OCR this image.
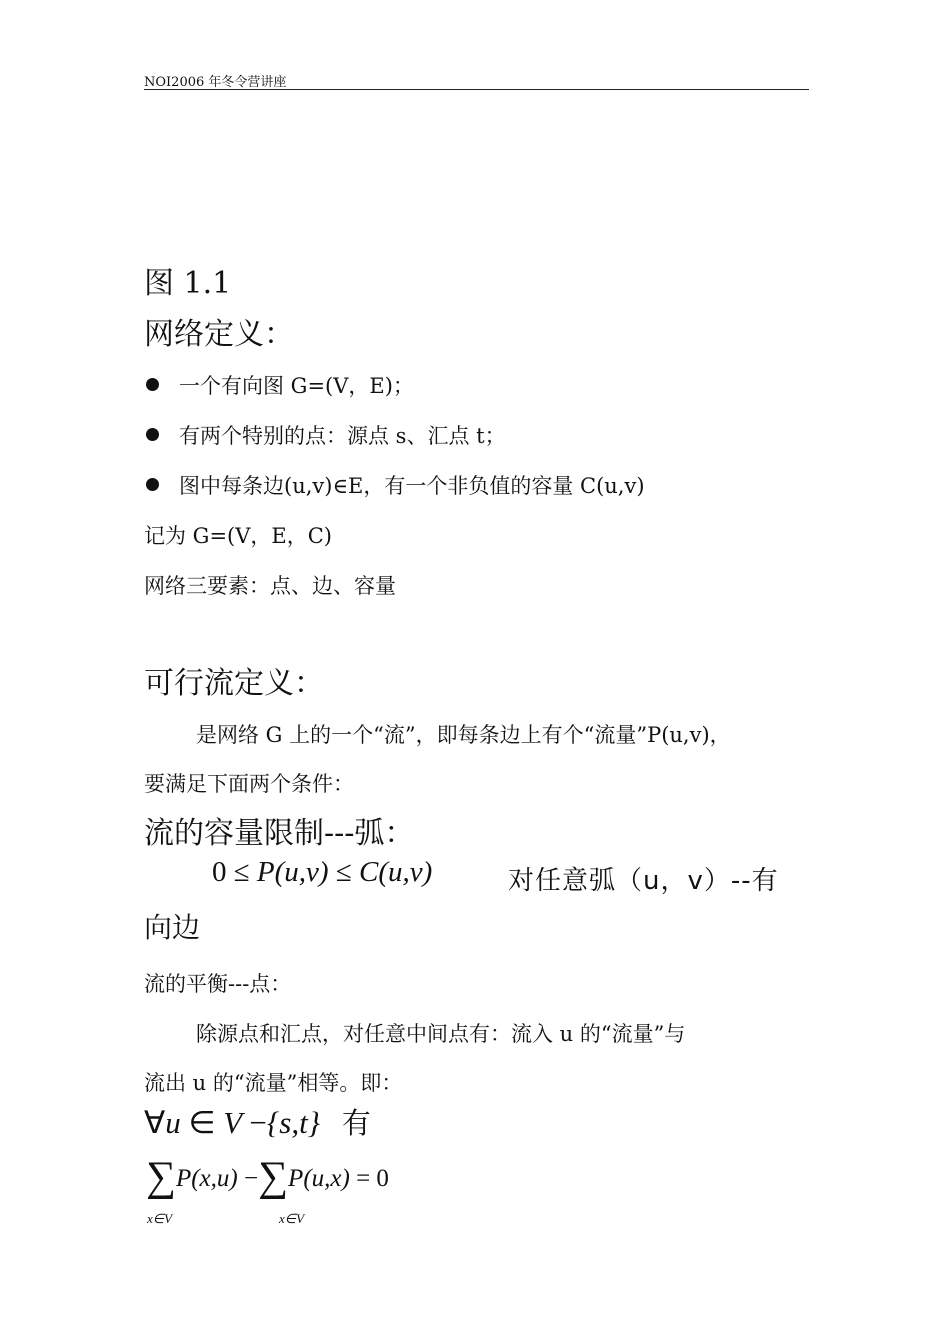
NOI2006 年冬令营讲座
图 1.1
网络定义：
一个有向图 G=(V，E)；
有两个特别的点：源点 s、汇点 t；
图中每条边(u,v)∈E，有一个非负值的容量 C(u,v)
记为 G=(V，E，C)
网络三要素：点、边、容量
可行流定义：
是网络 G 上的一个“流”，即每条边上有个“流量”P(u,v)，
要满足下面两个条件：
流的容量限制---弧：
0 ≤ P(u,v) ≤ C(u,v)	对任意弧（u，v）--有
向边
流的平衡---点：
除源点和汇点，对任意中间点有：流入 u 的“流量”与
流出 u 的“流量”相等。即：
∀u ∈ V −{s,t} 有
∑P(x,u) −∑P(u,x) = 0
x∈V	x∈V
